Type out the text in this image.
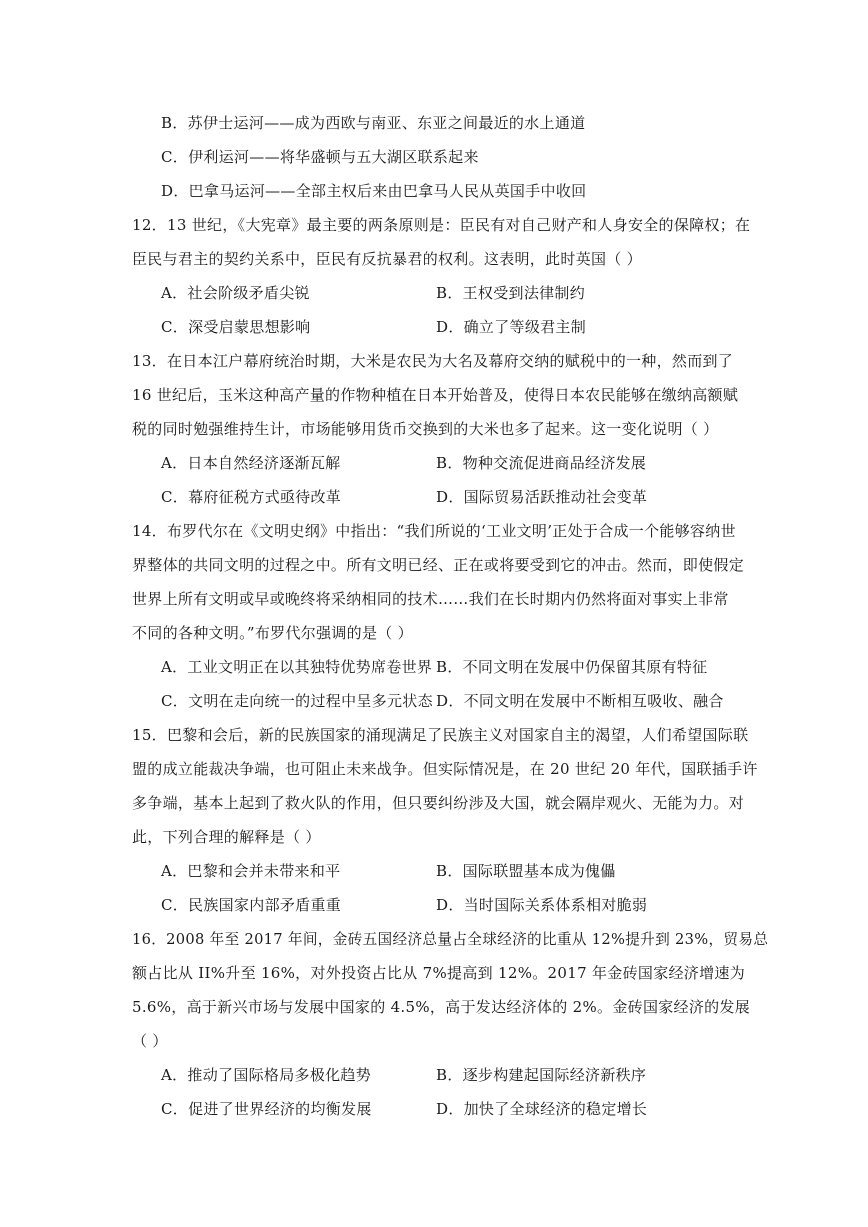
B．苏伊士运河——成为西欧与南亚、东亚之间最近的水上通道
C．伊利运河——将华盛顿与五大湖区联系起来
D．巴拿马运河——全部主权后来由巴拿马人民从英国手中收回
12．13 世纪，《大宪章》最主要的两条原则是：臣民有对自己财产和人身安全的保障权；在
臣民与君主的契约关系中，臣民有反抗暴君的权利。这表明，此时英国（ ）
A．社会阶级矛盾尖锐	B．王权受到法律制约
C．深受启蒙思想影响	D．确立了等级君主制
13．在日本江户幕府统治时期，大米是农民为大名及幕府交纳的赋税中的一种，然而到了
16 世纪后，玉米这种高产量的作物种植在日本开始普及，使得日本农民能够在缴纳高额赋
税的同时勉强维持生计，市场能够用货币交换到的大米也多了起来。这一变化说明（ ）
A．日本自然经济逐渐瓦解	B．物种交流促进商品经济发展
C．幕府征税方式亟待改革	D．国际贸易活跃推动社会变革
14．布罗代尔在《文明史纲》中指出：“我们所说的‘工业文明’正处于合成一个能够容纳世
界整体的共同文明的过程之中。所有文明已经、正在或将要受到它的冲击。然而，即使假定
世界上所有文明或早或晚终将采纳相同的技术……我们在长时期内仍然将面对事实上非常
不同的各种文明。”布罗代尔强调的是（ ）
A．工业文明正在以其独特优势席卷世界 B．不同文明在发展中仍保留其原有特征
C．文明在走向统一的过程中呈多元状态 D．不同文明在发展中不断相互吸收、融合
15．巴黎和会后，新的民族国家的涌现满足了民族主义对国家自主的渴望，人们希望国际联
盟的成立能裁决争端，也可阻止未来战争。但实际情况是，在 20 世纪 20 年代，国联插手许
多争端，基本上起到了救火队的作用，但只要纠纷涉及大国，就会隔岸观火、无能为力。对
此，下列合理的解释是（ ）
A．巴黎和会并未带来和平	B．国际联盟基本成为傀儡
C．民族国家内部矛盾重重	D．当时国际关系体系相对脆弱
16．2008 年至 2017 年间，金砖五国经济总量占全球经济的比重从 12%提升到 23%，贸易总
额占比从 II%升至 16%，对外投资占比从 7%提高到 12%。2017 年金砖国家经济增速为
5.6%，高于新兴市场与发展中国家的 4.5%，高于发达经济体的 2%。金砖国家经济的发展
（ ）
A．推动了国际格局多极化趋势	B．逐步构建起国际经济新秩序
C．促进了世界经济的均衡发展	D．加快了全球经济的稳定增长
